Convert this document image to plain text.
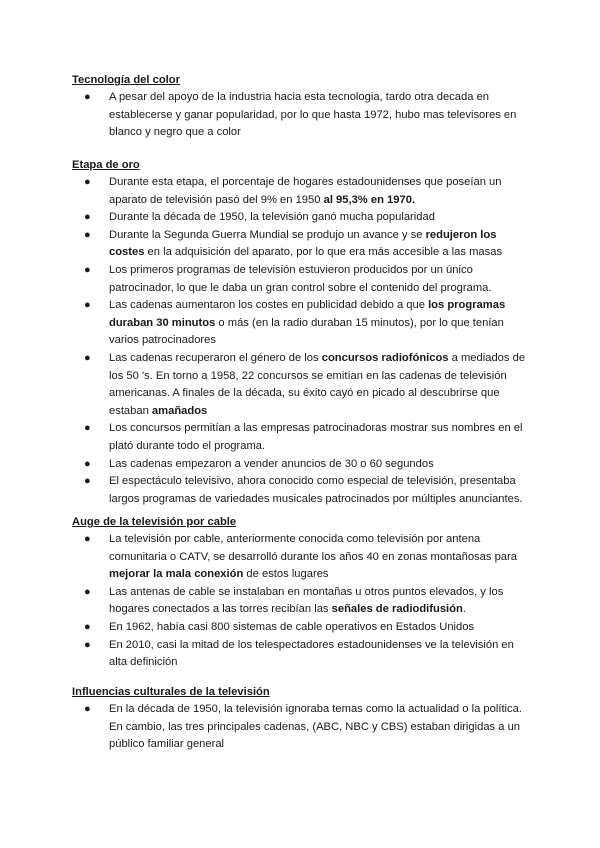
Tecnología del color
● A pesar del apoyo de la industria hacia esta tecnologia, tardo otra decada en establecerse y ganar popularidad, por lo que hasta 1972, hubo mas televisores en blanco y negro que a color
Etapa de oro
● Durante esta etapa, el porcentaje de hogares estadounidenses que poseían un aparato de televisión pasó del 9% en 1950 al 95,3% en 1970.
● Durante la década de 1950, la televisión ganó mucha popularidad
● Durante la Segunda Guerra Mundial se produjo un avance y se redujeron los costes en la adquisición del aparato, por lo que era más accesible a las masas
● Los primeros programas de televisión estuvieron producidos por un único patrocinador, lo que le daba un gran control sobre el contenido del programa.
● Las cadenas aumentaron los costes en publicidad debido a que los programas duraban 30 minutos o más (en la radio duraban 15 minutos), por lo que tenían varios patrocinadores
● Las cadenas recuperaron el género de los concursos radiofónicos a mediados de los 50 's. En torno a 1958, 22 concursos se emitían en las cadenas de televisión americanas. A finales de la década, su éxito cayó en picado al descubrirse que estaban amañados
● Los concursos permitían a las empresas patrocinadoras mostrar sus nombres en el plató durante todo el programa.
● Las cadenas empezaron a vender anuncios de 30 o 60 segundos
● El espectáculo televisivo, ahora conocido como especial de televisión, presentaba largos programas de variedades musicales patrocinados por múltiples anunciantes.
Auge de la televisión por cable
● La televisión por cable, anteriormente conocida como televisión por antena comunitaria o CATV, se desarrolló durante los años 40 en zonas montañosas para mejorar la mala conexión de estos lugares
● Las antenas de cable se instalaban en montañas u otros puntos elevados, y los hogares conectados a las torres recibían las señales de radiodifusión.
● En 1962, había casi 800 sistemas de cable operativos en Estados Unidos
● En 2010, casi la mitad de los telespectadores estadounidenses ve la televisión en alta definición
Influencias culturales de la televisión
● En la década de 1950, la televisión ignoraba temas como la actualidad o la política. En cambio, las tres principales cadenas, (ABC, NBC y CBS) estaban dirigidas a un público familiar general
